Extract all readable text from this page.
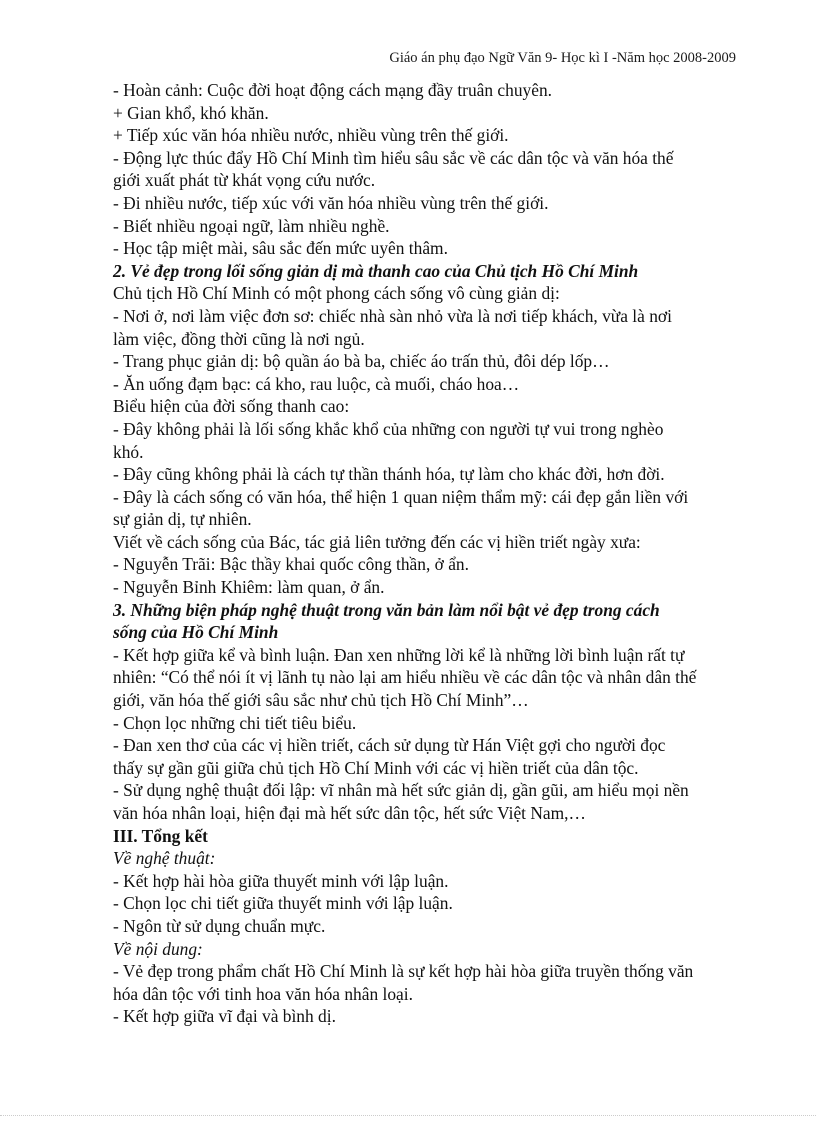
Giáo án phụ đạo Ngữ Văn 9- Học kì I -Năm học 2008-2009

- Hoàn cảnh: Cuộc đời hoạt động cách mạng đầy truân chuyên.

+ Gian khổ, khó khăn.

+ Tiếp xúc văn hóa nhiều nước, nhiều vùng trên thế giới.

- Động lực thúc đẩy Hồ Chí Minh tìm hiểu sâu sắc về các dân tộc và văn hóa thế

giới xuất phát từ khát vọng cứu nước.

- Đi nhiều nước, tiếp xúc với văn hóa nhiều vùng trên thế giới.

- Biết nhiều ngoại ngữ, làm nhiều nghề.

- Học tập miệt mài, sâu sắc đến mức uyên thâm.

2. Vẻ đẹp trong lối sống giản dị mà thanh cao của Chủ tịch Hồ Chí Minh

Chủ tịch Hồ Chí Minh có một phong cách sống vô cùng giản dị:

- Nơi ở, nơi làm việc đơn sơ: chiếc nhà sàn nhỏ vừa là nơi tiếp khách, vừa là nơi

làm việc, đồng thời cũng là nơi ngủ.

- Trang phục giản dị: bộ quần áo bà ba, chiếc áo trấn thủ, đôi dép lốp…

- Ăn uống đạm bạc: cá kho, rau luộc, cà muối, cháo hoa…

Biểu hiện của đời sống thanh cao:

- Đây không phải là lối sống khắc khổ của những con người tự vui trong nghèo

khó.

- Đây cũng không phải là cách tự thần thánh hóa, tự làm cho khác đời, hơn đời.

- Đây là cách sống có văn hóa, thể hiện 1 quan niệm thẩm mỹ: cái đẹp gắn liền với

sự giản dị, tự nhiên.

Viết về cách sống của Bác, tác giả liên tưởng đến các vị hiền triết ngày xưa:

- Nguyễn Trãi: Bậc thầy khai quốc công thần, ở ẩn.

- Nguyễn Bỉnh Khiêm: làm quan, ở ẩn.

3. Những biện pháp nghệ thuật trong văn bản làm nổi bật vẻ đẹp trong cách

sống của Hồ Chí Minh

- Kết hợp giữa kể và bình luận. Đan xen những lời kể là những lời bình luận rất tự

nhiên: “Có thể nói ít vị lãnh tụ nào lại am hiểu nhiều về các dân tộc và nhân dân thế

giới, văn hóa thế giới sâu sắc như chủ tịch Hồ Chí Minh”…

- Chọn lọc những chi tiết tiêu biểu.

- Đan xen thơ của các vị hiền triết, cách sử dụng từ Hán Việt gợi cho người đọc

thấy sự gần gũi giữa chủ tịch Hồ Chí Minh với các vị hiền triết của dân tộc.

- Sử dụng nghệ thuật đối lập: vĩ nhân mà hết sức giản dị, gần gũi, am hiểu mọi nền

văn hóa nhân loại, hiện đại mà hết sức dân tộc, hết sức Việt Nam,…

III. Tổng kết

Về nghệ thuật:

- Kết hợp hài hòa giữa thuyết minh với lập luận.

- Chọn lọc chi tiết giữa thuyết minh với lập luận.

- Ngôn từ sử dụng chuẩn mực.

Về nội dung:

- Vẻ đẹp trong phẩm chất Hồ Chí Minh là sự kết hợp hài hòa giữa truyền thống văn

hóa dân tộc với tinh hoa văn hóa nhân loại.

- Kết hợp giữa vĩ đại và bình dị.
